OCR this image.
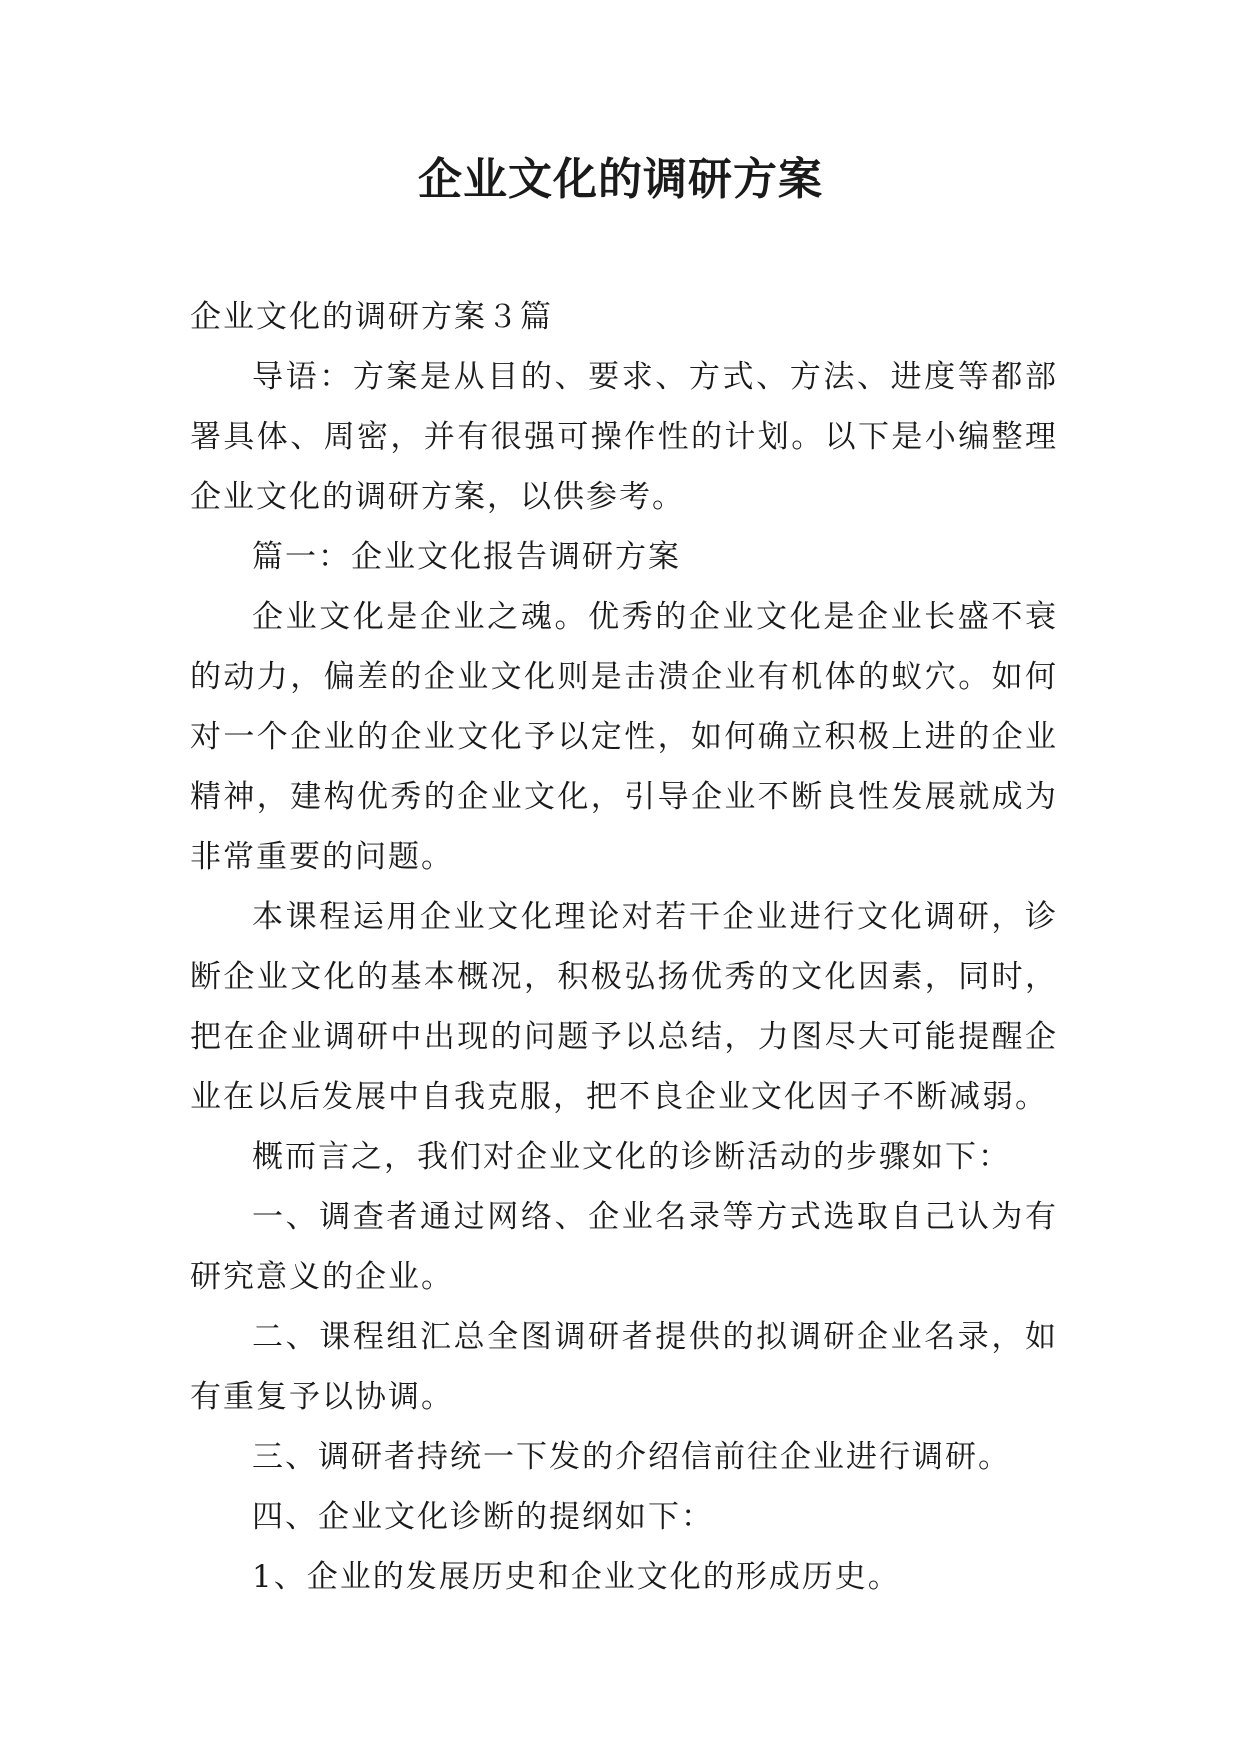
企业文化的调研方案

企业文化的调研方案３篇

导语：方案是从目的、要求、方式、方法、进度等都部署具体、周密，并有很强可操作性的计划。以下是小编整理企业文化的调研方案，以供参考。

篇一：企业文化报告调研方案

企业文化是企业之魂。优秀的企业文化是企业长盛不衰的动力，偏差的企业文化则是击溃企业有机体的蚁穴。如何对一个企业的企业文化予以定性，如何确立积极上进的企业精神，建构优秀的企业文化，引导企业不断良性发展就成为非常重要的问题。

本课程运用企业文化理论对若干企业进行文化调研，诊断企业文化的基本概况，积极弘扬优秀的文化因素，同时，把在企业调研中出现的问题予以总结，力图尽大可能提醒企业在以后发展中自我克服，把不良企业文化因子不断减弱。

概而言之，我们对企业文化的诊断活动的步骤如下：

一、调查者通过网络、企业名录等方式选取自己认为有研究意义的企业。

二、课程组汇总全图调研者提供的拟调研企业名录，如有重复予以协调。

三、调研者持统一下发的介绍信前往企业进行调研。

四、企业文化诊断的提纲如下：

1、企业的发展历史和企业文化的形成历史。
